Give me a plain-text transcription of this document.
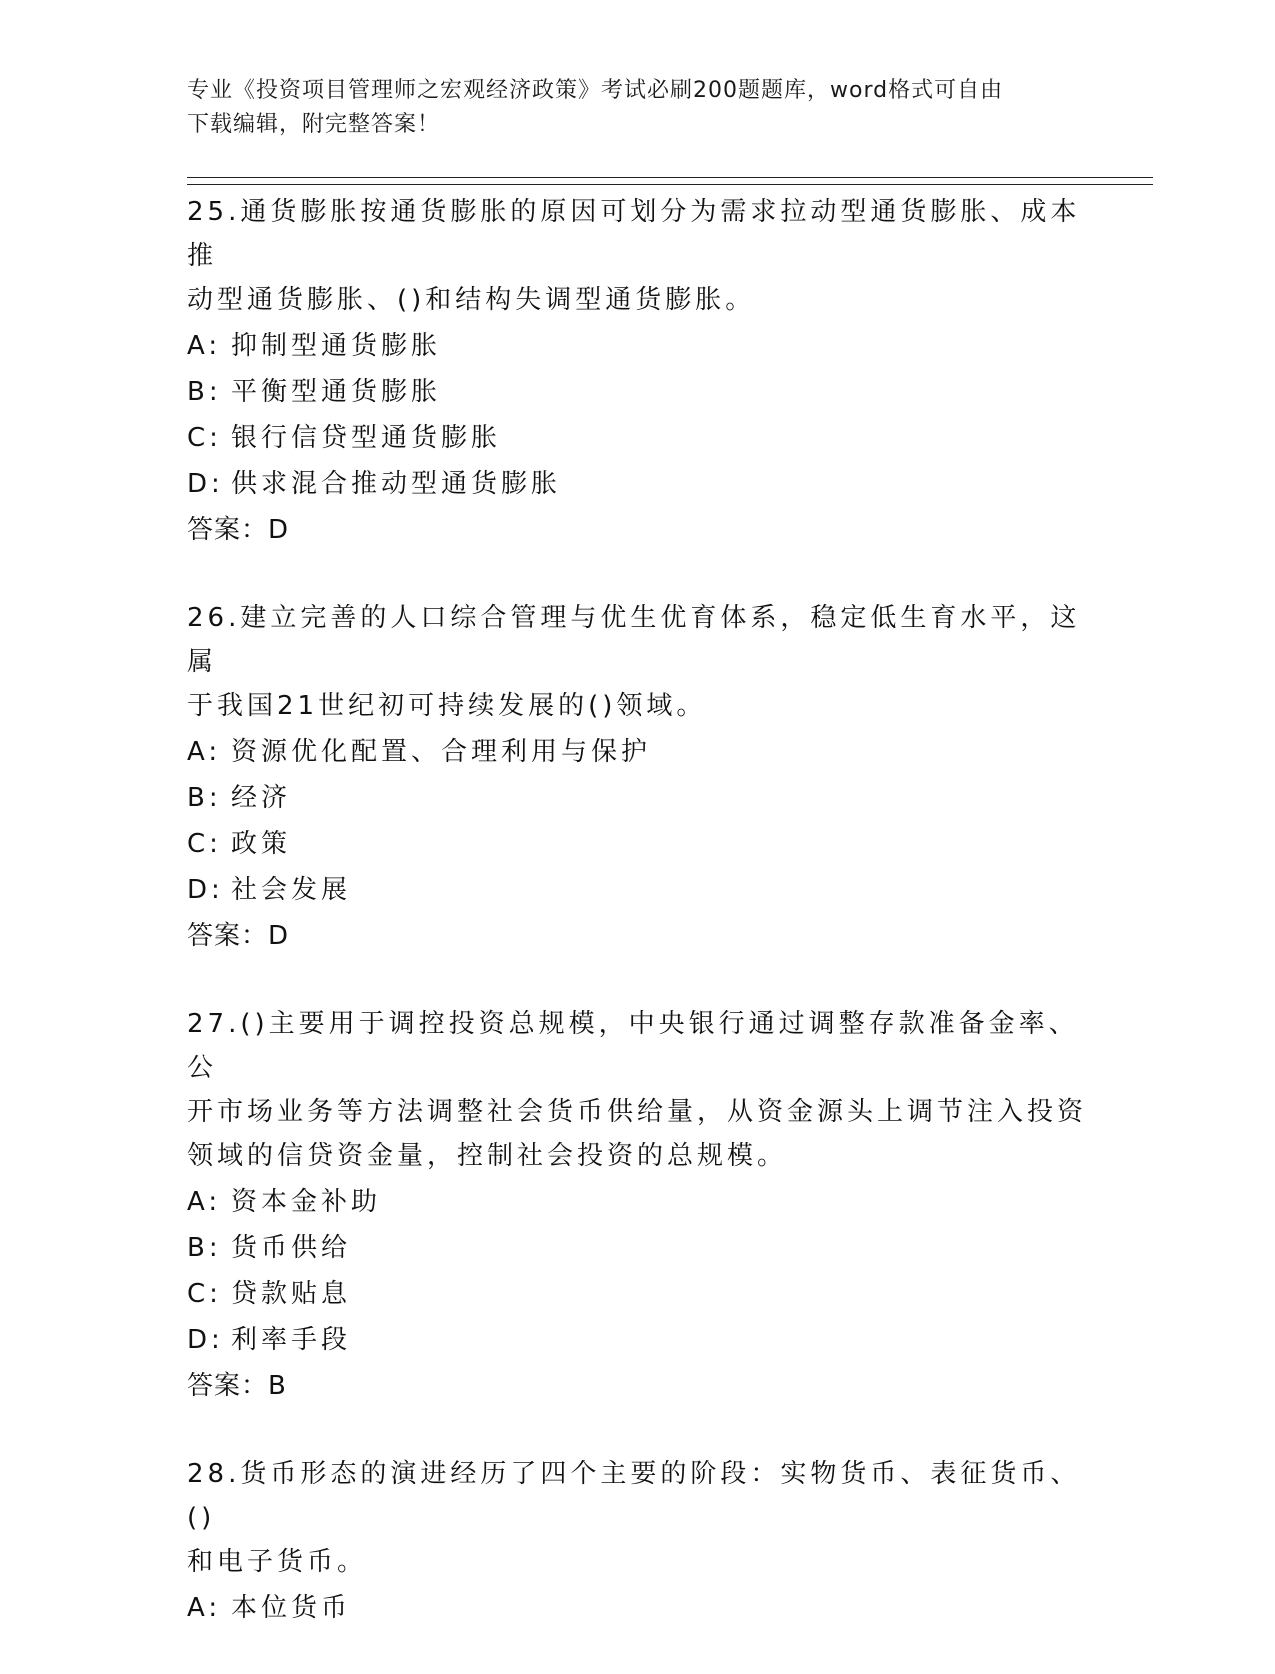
专业《投资项目管理师之宏观经济政策》考试必刷200题题库，word格式可自由
下载编辑，附完整答案！
25.通货膨胀按通货膨胀的原因可划分为需求拉动型通货膨胀、成本推
动型通货膨胀、()和结构失调型通货膨胀。
A: 抑制型通货膨胀
B: 平衡型通货膨胀
C: 银行信贷型通货膨胀
D: 供求混合推动型通货膨胀
答案：D
26.建立完善的人口综合管理与优生优育体系，稳定低生育水平，这属
于我国21世纪初可持续发展的()领域。
A: 资源优化配置、合理利用与保护
B: 经济
C: 政策
D: 社会发展
答案：D
27.()主要用于调控投资总规模，中央银行通过调整存款准备金率、公
开市场业务等方法调整社会货币供给量，从资金源头上调节注入投资
领域的信贷资金量，控制社会投资的总规模。
A: 资本金补助
B: 货币供给
C: 贷款贴息
D: 利率手段
答案：B
28.货币形态的演进经历了四个主要的阶段：实物货币、表征货币、()
和电子货币。
A: 本位货币
